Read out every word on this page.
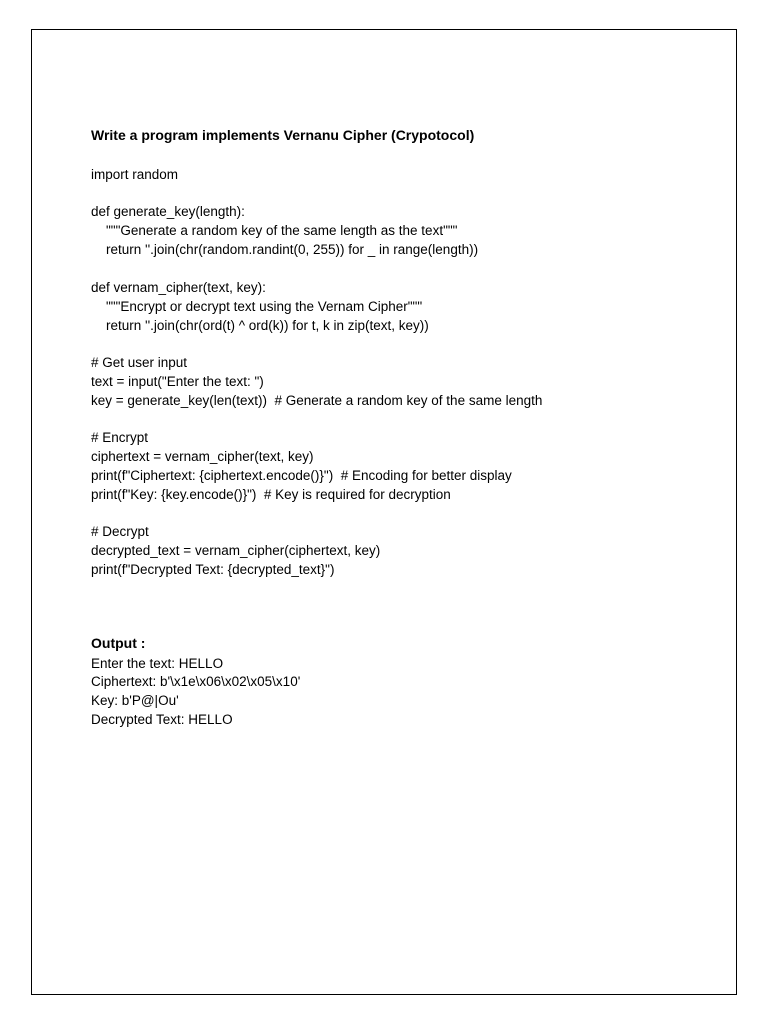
Write a program implements Vernanu Cipher (Crypotocol)
import random
def generate_key(length):
"""Generate a random key of the same length as the text"""
return ''.join(chr(random.randint(0, 255)) for _ in range(length))
def vernam_cipher(text, key):
"""Encrypt or decrypt text using the Vernam Cipher"""
return ''.join(chr(ord(t) ^ ord(k)) for t, k in zip(text, key))
# Get user input
text = input("Enter the text: ")
key = generate_key(len(text))  # Generate a random key of the same length
# Encrypt
ciphertext = vernam_cipher(text, key)
print(f"Ciphertext: {ciphertext.encode()}")  # Encoding for better display
print(f"Key: {key.encode()}")  # Key is required for decryption
# Decrypt
decrypted_text = vernam_cipher(ciphertext, key)
print(f"Decrypted Text: {decrypted_text}")
Output :
Enter the text: HELLO
Ciphertext: b'\x1e\x06\x02\x05\x10'
Key: b'P@|Ou'
Decrypted Text: HELLO
